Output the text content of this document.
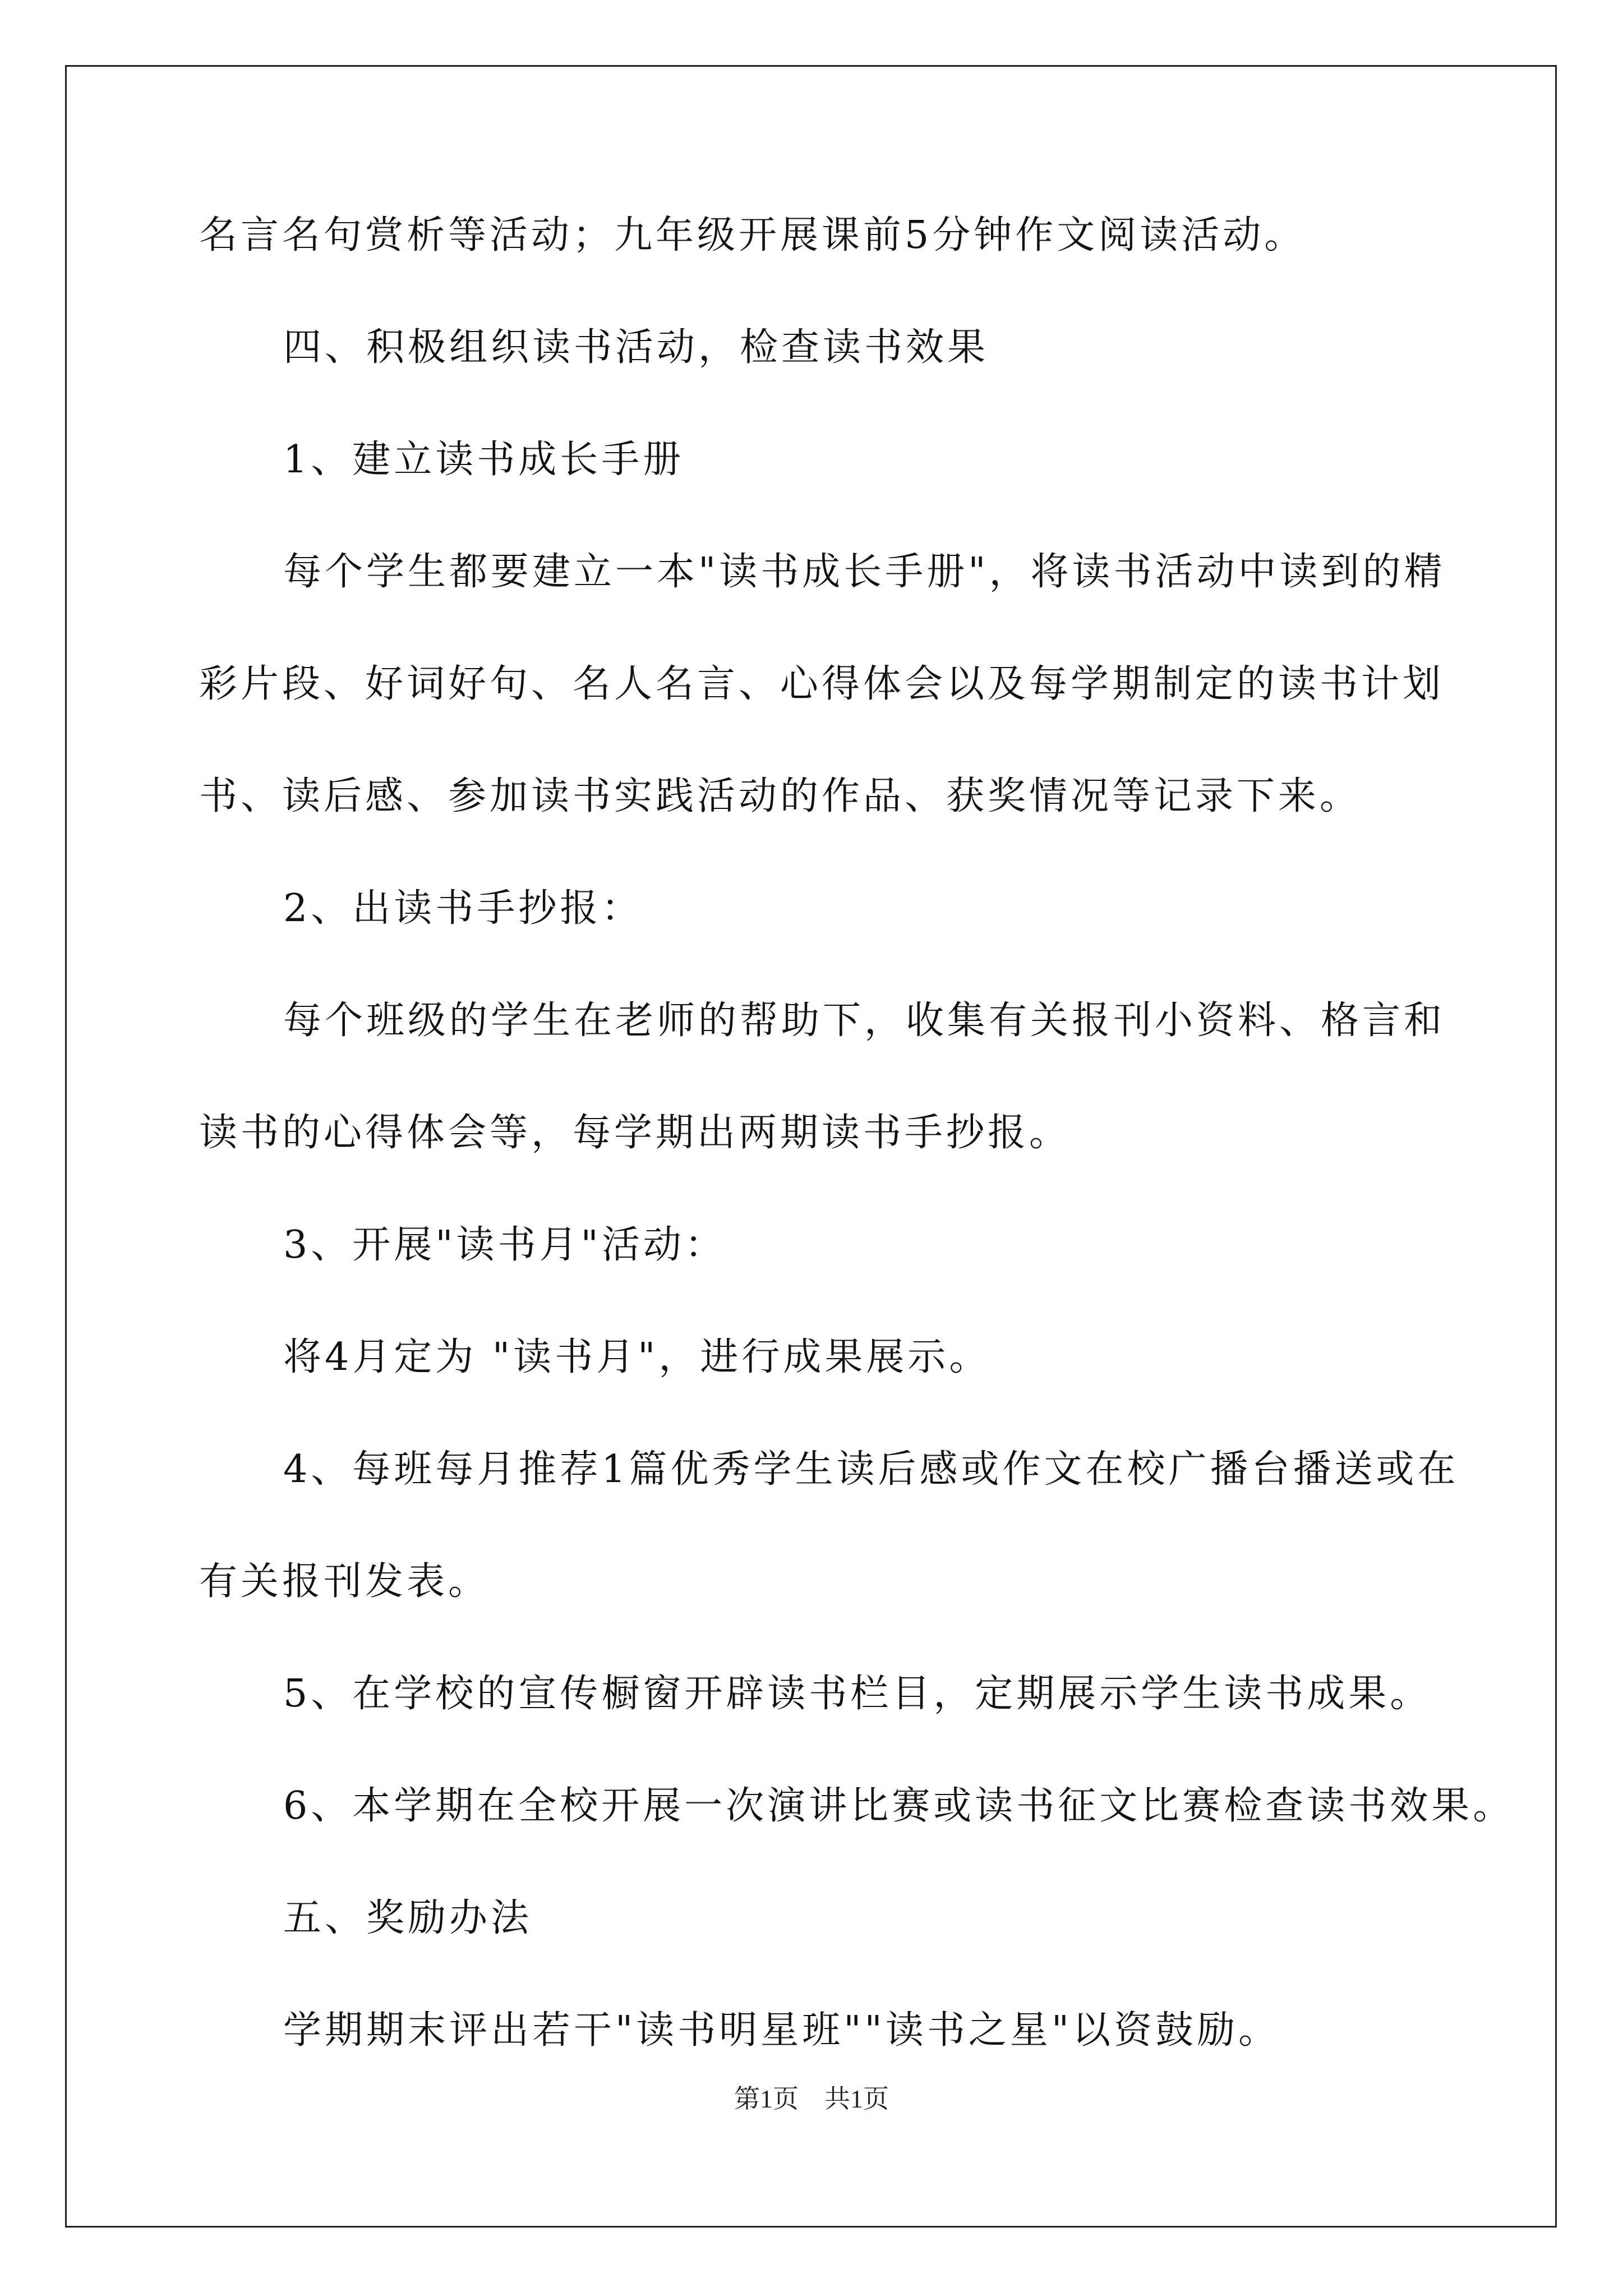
名言名句赏析等活动；九年级开展课前5分钟作文阅读活动。
四、积极组织读书活动，检查读书效果
1、建立读书成长手册
每个学生都要建立一本"读书成长手册"，将读书活动中读到的精
彩片段、好词好句、名人名言、心得体会以及每学期制定的读书计划
书、读后感、参加读书实践活动的作品、获奖情况等记录下来。
2、出读书手抄报：
每个班级的学生在老师的帮助下，收集有关报刊小资料、格言和
读书的心得体会等，每学期出两期读书手抄报。
3、开展"读书月"活动：
将4月定为 "读书月"，进行成果展示。
4、每班每月推荐1篇优秀学生读后感或作文在校广播台播送或在
有关报刊发表。
5、在学校的宣传橱窗开辟读书栏目，定期展示学生读书成果。
6、本学期在全校开展一次演讲比赛或读书征文比赛检查读书效果。
五、奖励办法
学期期末评出若干"读书明星班""读书之星"以资鼓励。
第1页　共1页
